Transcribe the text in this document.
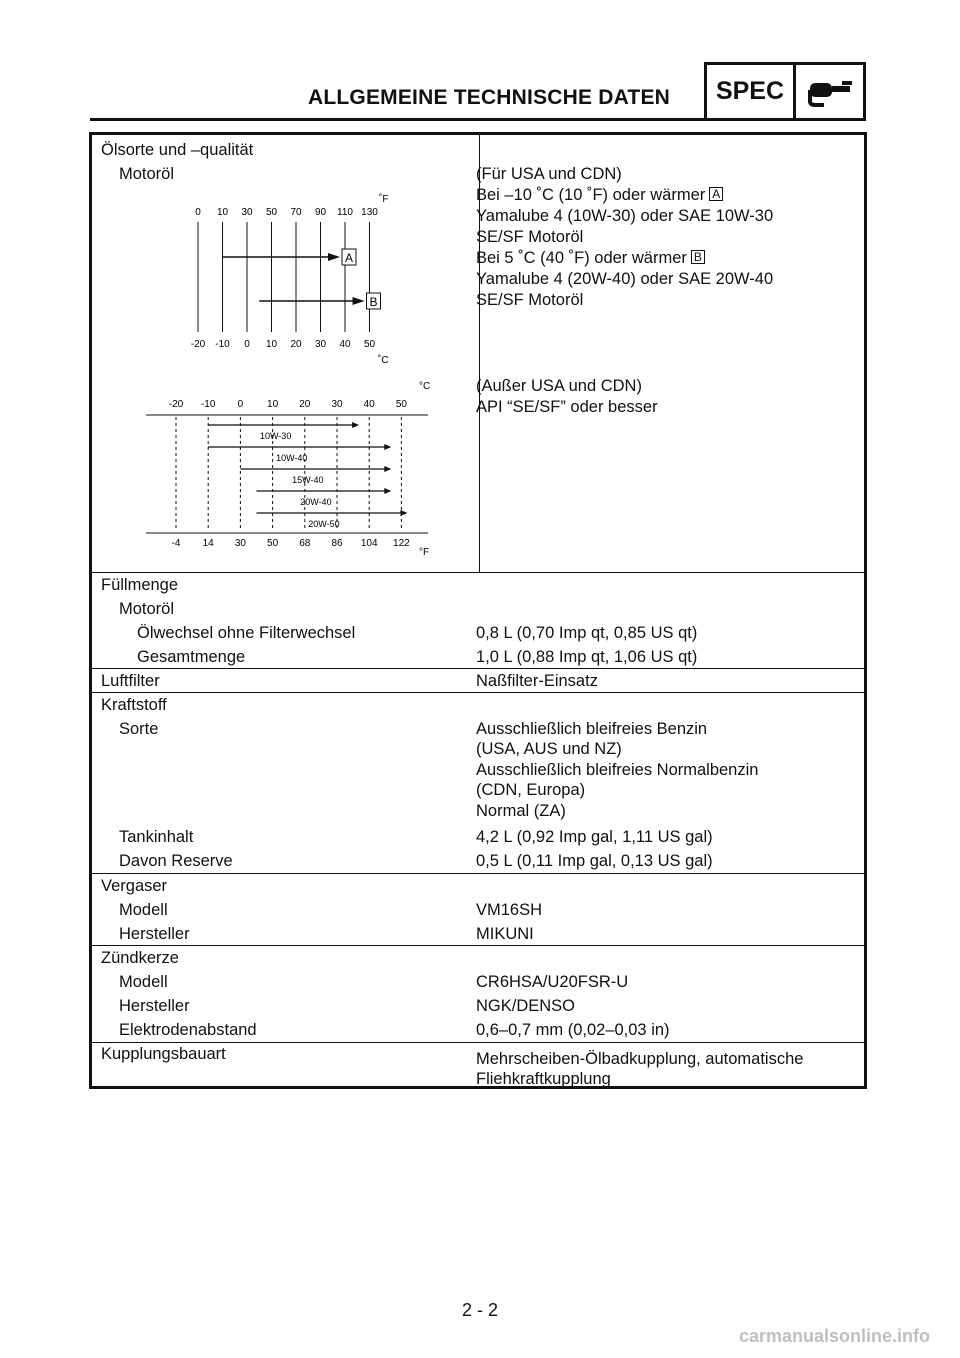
ALLGEMEINE TECHNISCHE DATEN	SPEC
Ölsorte und –qualität
Motoröl	(Für USA und CDN)
Bei –10 ˚C (10 ˚F) oder wärmer A
Yamalube 4 (10W-30) oder SAE 10W-30
SE/SF Motoröl
Bei 5 ˚C (40 ˚F) oder wärmer B
Yamalube 4 (20W-40) oder SAE 20W-40
SE/SF Motoröl
(Außer USA und CDN)
API “SE/SF” oder besser
˚F
˚C
0
-20
10
-10
30
0
50
10
70
20
90
30
110
40
130
50
A
B
°C
°F
-20
-4
-10
14
0
30
10
50
20
68
30
86
40
104
50
122
10W-30
10W-40
15W-40
20W-40
20W-50
Füllmenge
Motoröl
Ölwechsel ohne Filterwechsel	0,8 L (0,70 Imp qt, 0,85 US qt)
Gesamtmenge	1,0 L (0,88 Imp qt, 1,06 US qt)
Luftfilter	Naßfilter-Einsatz
Kraftstoff
Sorte	Ausschließlich bleifreies Benzin
(USA, AUS und NZ)
Ausschließlich bleifreies Normalbenzin
(CDN, Europa)
Normal (ZA)
Tankinhalt	4,2 L (0,92 Imp gal, 1,11 US gal)
Davon Reserve	0,5 L (0,11 Imp gal, 0,13 US gal)
Vergaser
Modell	VM16SH
Hersteller	MIKUNI
Zündkerze
Modell	CR6HSA/U20FSR-U
Hersteller	NGK/DENSO
Elektrodenabstand	0,6–0,7 mm (0,02–0,03 in)
Kupplungsbauart	Mehrscheiben-Ölbadkupplung, automatische
Fliehkraftkupplung
2 - 2
carmanualsonline.info
